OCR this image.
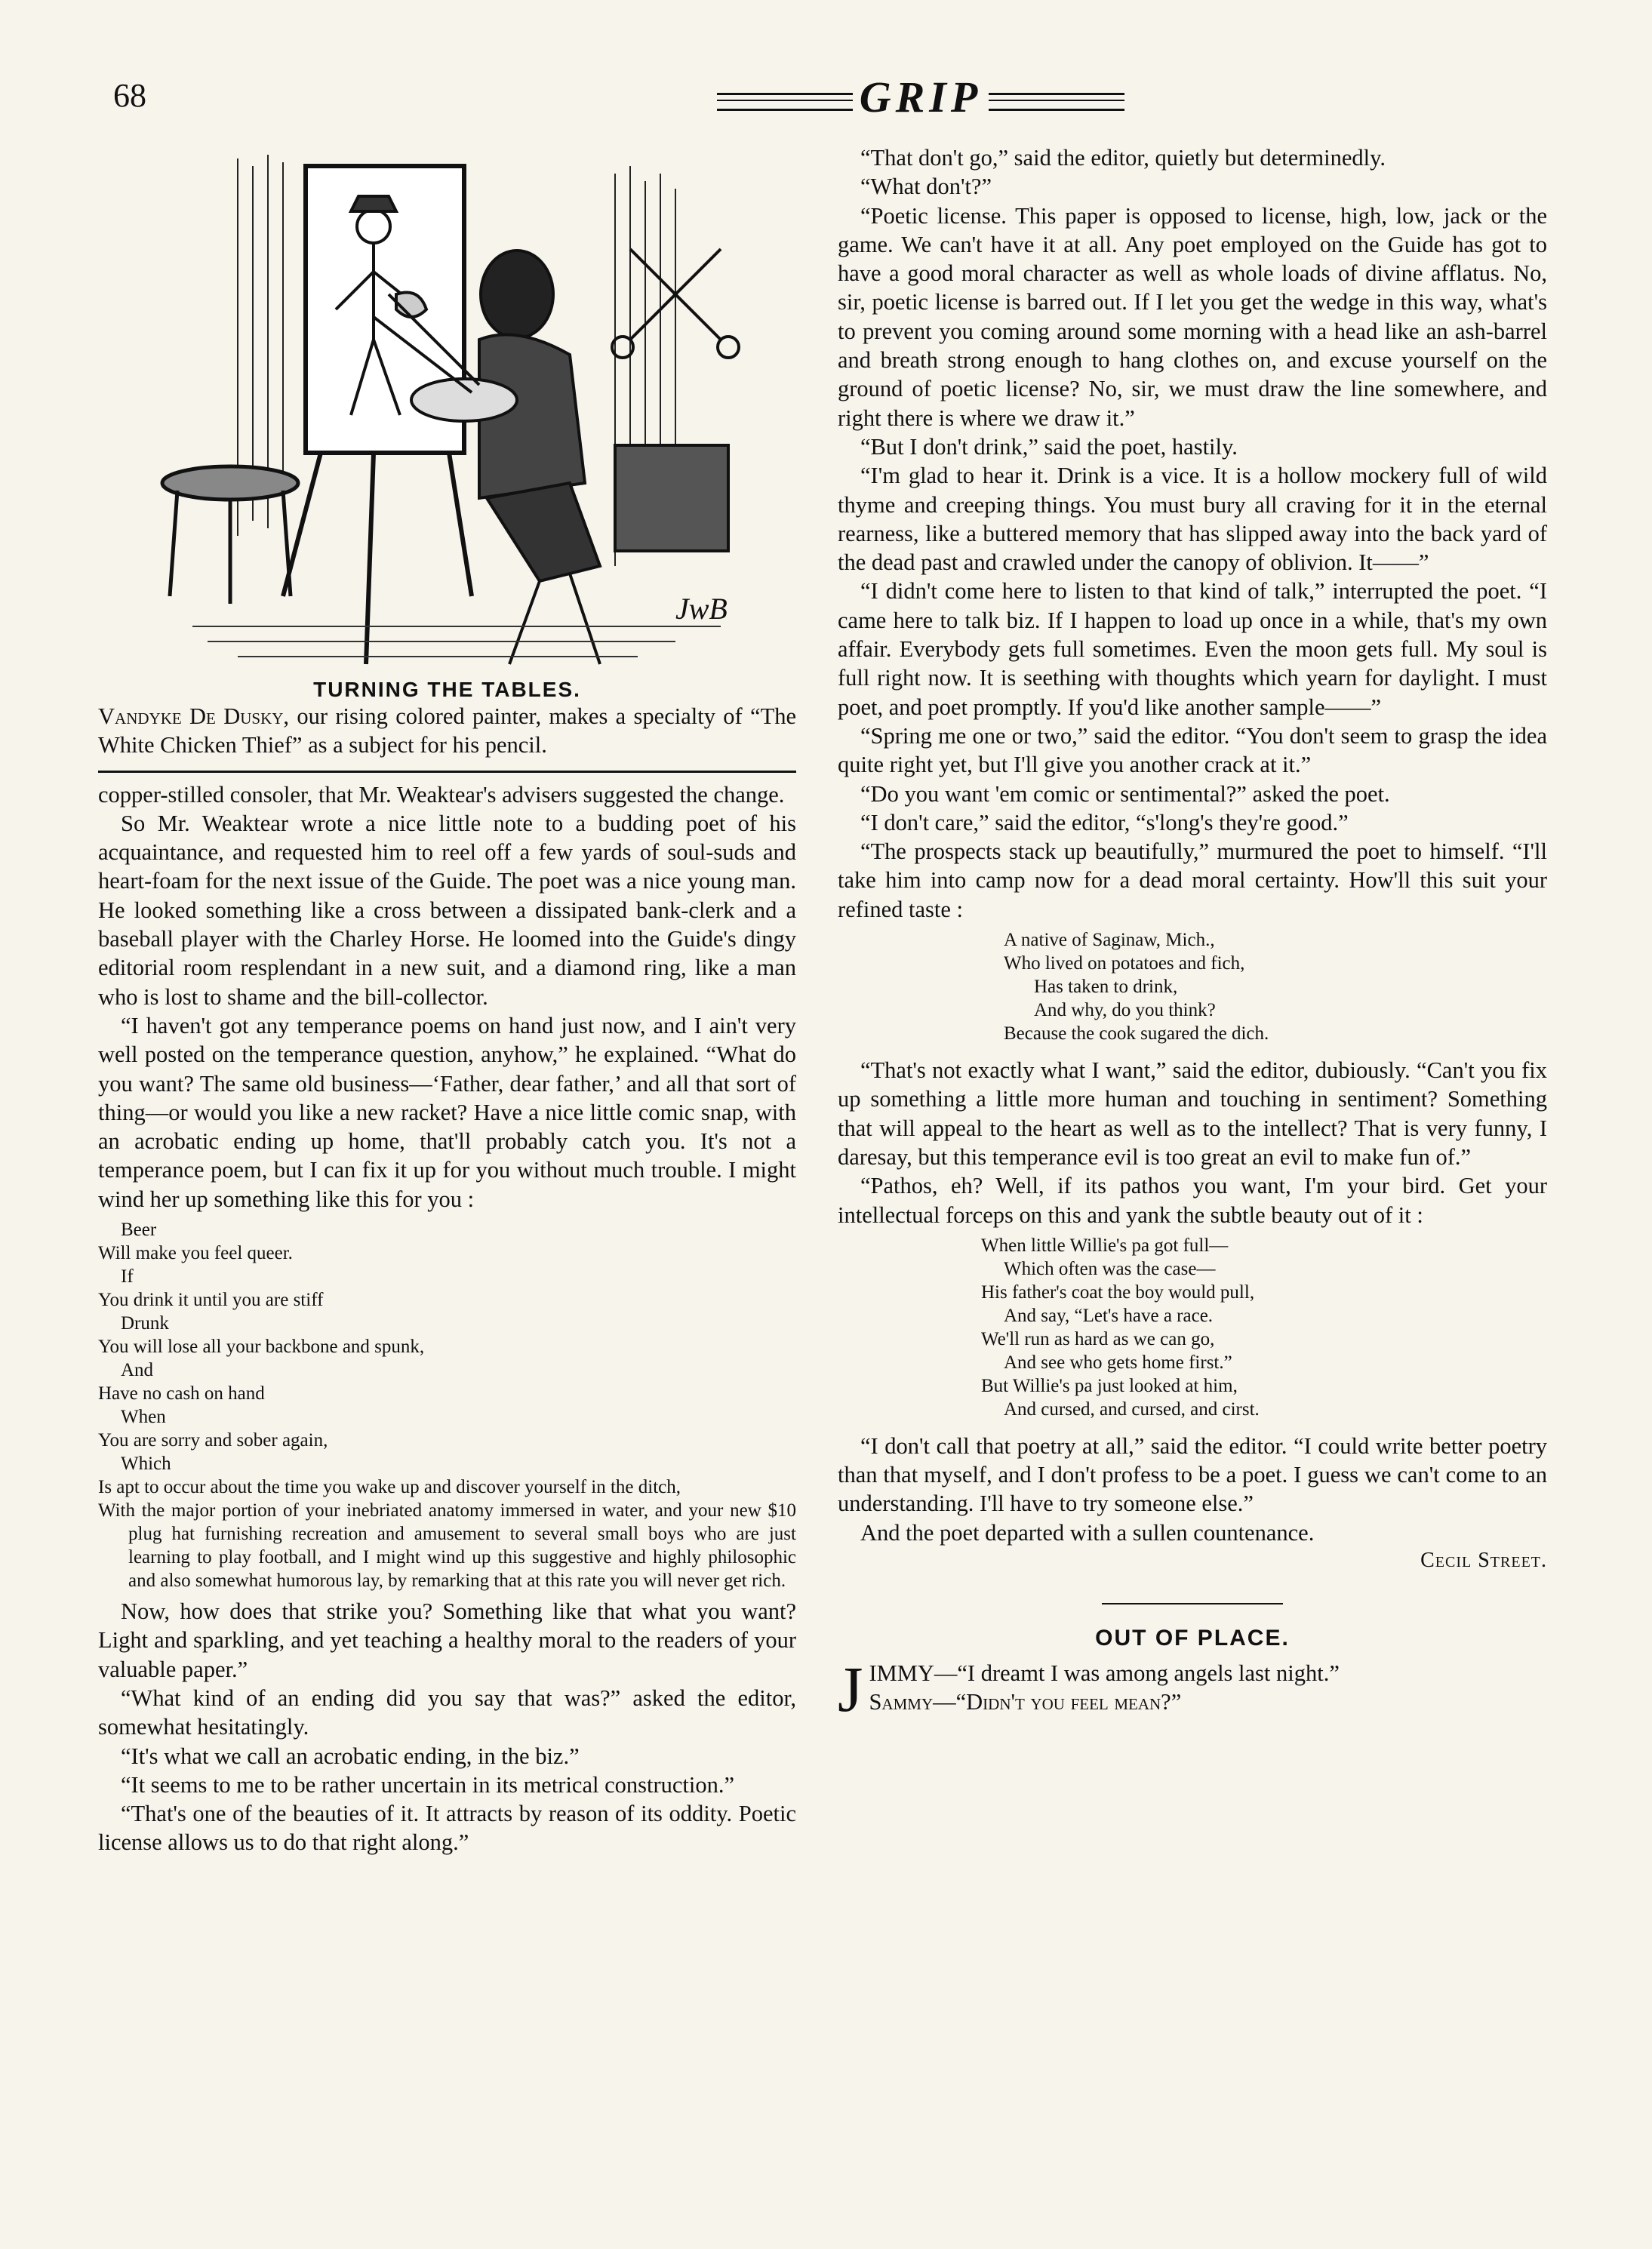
68	GRIP
JwB
TURNING THE TABLES.

Vandyke De Dusky, our rising colored painter, makes a specialty of “The White Chicken Thief” as a subject for his pencil.

copper-stilled consoler, that Mr. Weaktear's advisers suggested the change.

So Mr. Weaktear wrote a nice little note to a budding poet of his acquaintance, and requested him to reel off a few yards of soul-suds and heart-foam for the next issue of the Guide. The poet was a nice young man. He looked something like a cross between a dissipated bank-clerk and a baseball player with the Charley Horse. He loomed into the Guide's dingy editorial room resplendant in a new suit, and a diamond ring, like a man who is lost to shame and the bill-collector.

“I haven't got any temperance poems on hand just now, and I ain't very well posted on the temperance question, anyhow,” he explained. “What do you want? The same old business—‘Father, dear father,’ and all that sort of thing—or would you like a new racket? Have a nice little comic snap, with an acrobatic ending up home, that'll probably catch you. It's not a temperance poem, but I can fix it up for you without much trouble. I might wind her up something like this for you :

Beer
Will make you feel queer.
If
You drink it until you are stiff
Drunk
You will lose all your backbone and spunk,
And
Have no cash on hand
When
You are sorry and sober again,
Which
Is apt to occur about the time you wake up and discover yourself in the ditch,
With the major portion of your inebriated anatomy immersed in water, and your new $10 plug hat furnishing recreation and amusement to several small boys who are just learning to play football, and I might wind up this suggestive and highly philosophic and also somewhat humorous lay, by remarking that at this rate you will never get rich.

Now, how does that strike you? Something like that what you want? Light and sparkling, and yet teaching a healthy moral to the readers of your valuable paper.”

“What kind of an ending did you say that was?” asked the editor, somewhat hesitatingly.

“It's what we call an acrobatic ending, in the biz.”

“It seems to me to be rather uncertain in its metrical construction.”

“That's one of the beauties of it. It attracts by reason of its oddity. Poetic license allows us to do that right along.”

“That don't go,” said the editor, quietly but determinedly.

“What don't?”

“Poetic license. This paper is opposed to license, high, low, jack or the game. We can't have it at all. Any poet employed on the Guide has got to have a good moral character as well as whole loads of divine afflatus. No, sir, poetic license is barred out. If I let you get the wedge in this way, what's to prevent you coming around some morning with a head like an ash-barrel and breath strong enough to hang clothes on, and excuse yourself on the ground of poetic license? No, sir, we must draw the line somewhere, and right there is where we draw it.”

“But I don't drink,” said the poet, hastily.

“I'm glad to hear it. Drink is a vice. It is a hollow mockery full of wild thyme and creeping things. You must bury all craving for it in the eternal rearness, like a buttered memory that has slipped away into the back yard of the dead past and crawled under the canopy of oblivion. It——”

“I didn't come here to listen to that kind of talk,” interrupted the poet. “I came here to talk biz. If I happen to load up once in a while, that's my own affair. Everybody gets full sometimes. Even the moon gets full. My soul is full right now. It is seething with thoughts which yearn for daylight. I must poet, and poet promptly. If you'd like another sample——”

“Spring me one or two,” said the editor. “You don't seem to grasp the idea quite right yet, but I'll give you another crack at it.”

“Do you want 'em comic or sentimental?” asked the poet.

“I don't care,” said the editor, “s'long's they're good.”

“The prospects stack up beautifully,” murmured the poet to himself. “I'll take him into camp now for a dead moral certainty. How'll this suit your refined taste :

A native of Saginaw, Mich.,
Who lived on potatoes and fich,
Has taken to drink,
And why, do you think?
Because the cook sugared the dich.

“That's not exactly what I want,” said the editor, dubiously. “Can't you fix up something a little more human and touching in sentiment? Something that will appeal to the heart as well as to the intellect? That is very funny, I daresay, but this temperance evil is too great an evil to make fun of.”

“Pathos, eh? Well, if its pathos you want, I'm your bird. Get your intellectual forceps on this and yank the subtle beauty out of it :

When little Willie's pa got full—
Which often was the case—
His father's coat the boy would pull,
And say, “Let's have a race.
We'll run as hard as we can go,
And see who gets home first.”
But Willie's pa just looked at him,
And cursed, and cursed, and cirst.

“I don't call that poetry at all,” said the editor. “I could write better poetry than that myself, and I don't profess to be a poet. I guess we can't come to an understanding. I'll have to try someone else.”

And the poet departed with a sullen countenance.

Cecil Street.
OUT OF PLACE.
J IMMY—“I dreamt I was among angels last night.”
Sammy—“Didn't you feel mean?”
